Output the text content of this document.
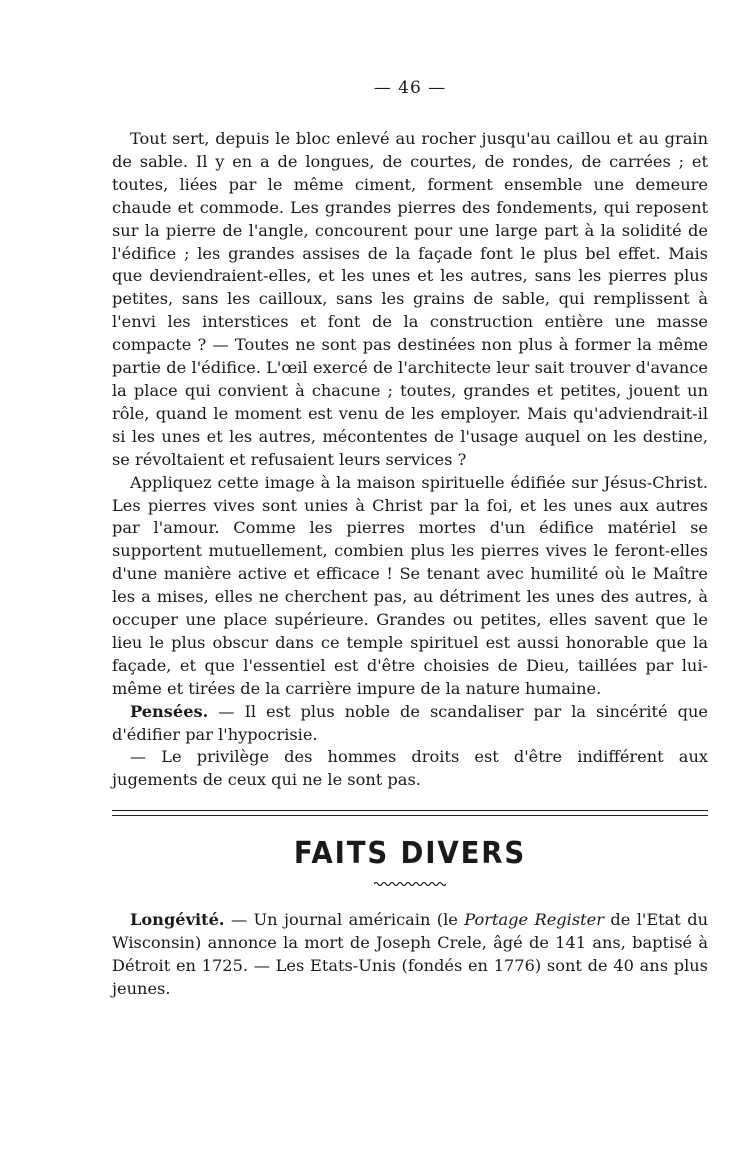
— 46 —

Tout sert, depuis le bloc enlevé au rocher jusqu'au caillou et au grain de sable. Il y en a de longues, de courtes, de rondes, de carrées ; et toutes, liées par le même ciment, forment ensemble une demeure chaude et commode. Les grandes pierres des fondements, qui reposent sur la pierre de l'angle, concourent pour une large part à la solidité de l'édifice ; les grandes assises de la façade font le plus bel effet. Mais que deviendraient-elles, et les unes et les autres, sans les pierres plus petites, sans les cailloux, sans les grains de sable, qui remplissent à l'envi les interstices et font de la construction entière une masse compacte ? — Toutes ne sont pas destinées non plus à former la même partie de l'édifice. L'œil exercé de l'architecte leur sait trouver d'avance la place qui convient à chacune ; toutes, grandes et petites, jouent un rôle, quand le moment est venu de les employer. Mais qu'adviendrait-il si les unes et les autres, mécontentes de l'usage auquel on les destine, se révoltaient et refusaient leurs services ?

Appliquez cette image à la maison spirituelle édifiée sur Jésus-Christ. Les pierres vives sont unies à Christ par la foi, et les unes aux autres par l'amour. Comme les pierres mortes d'un édifice matériel se supportent mutuellement, combien plus les pierres vives le feront-elles d'une manière active et efficace ! Se tenant avec humilité où le Maître les a mises, elles ne cherchent pas, au détriment les unes des autres, à occuper une place supérieure. Grandes ou petites, elles savent que le lieu le plus obscur dans ce temple spirituel est aussi honorable que la façade, et que l'essentiel est d'être choisies de Dieu, taillées par lui-même et tirées de la carrière impure de la nature humaine.

Pensées. — Il est plus noble de scandaliser par la sincérité que d'édifier par l'hypocrisie.

— Le privilège des hommes droits est d'être indifférent aux jugements de ceux qui ne le sont pas.

FAITS DIVERS

Longévité. — Un journal américain (le Portage Register de l'Etat du Wisconsin) annonce la mort de Joseph Crele, âgé de 141 ans, baptisé à Détroit en 1725. — Les Etats-Unis (fondés en 1776) sont de 40 ans plus jeunes.
